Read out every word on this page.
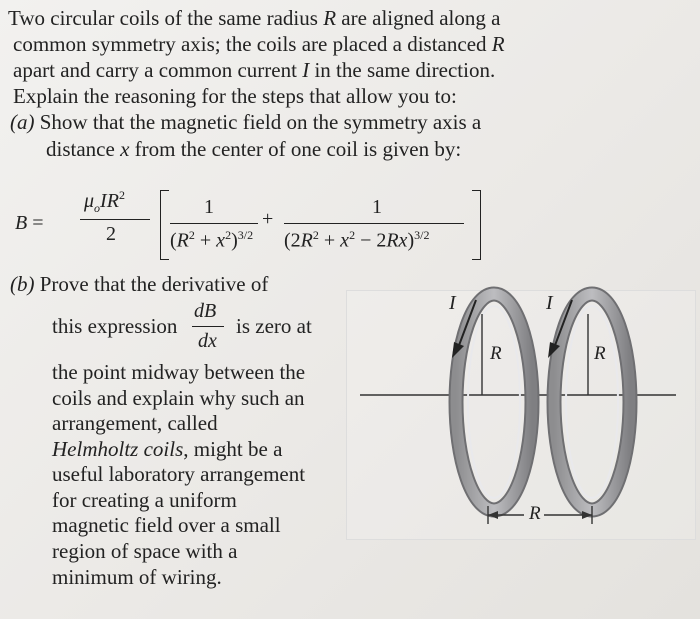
Two circular coils of the same radius R are aligned along a
common symmetry axis; the coils are placed a distanced R
apart and carry a common current I in the same direction.
Explain the reasoning for the steps that allow you to:
(a) Show that the magnetic field on the symmetry axis a
distance x from the center of one coil is given by:
B =
$\mu_oIR^2$
2
1
$(R^2 + x^2)^{3/2}$
+
1
$(2R^2 + x^2 - 2Rx)^{3/2}$
(b) Prove that the derivative of
this expression
dB
dx
is zero at
the point midway between the
coils and explain why such an
arrangement, called
Helmholtz coils, might be a
useful laboratory arrangement
for creating a uniform
magnetic field over a small
region of space with a
minimum of wiring.
I	I
R	R
R
